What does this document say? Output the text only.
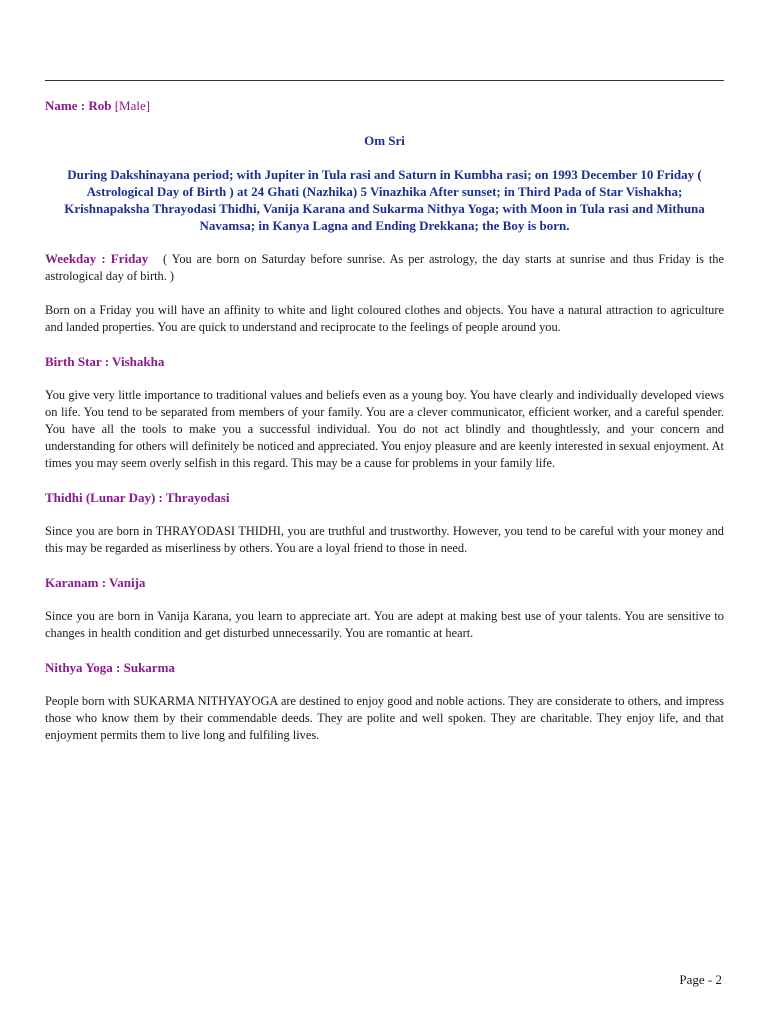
Name : Rob [Male]
Om Sri
During Dakshinayana period; with Jupiter in Tula rasi and Saturn in Kumbha rasi; on 1993 December 10 Friday ( Astrological Day of Birth ) at 24 Ghati (Nazhika) 5 Vinazhika After sunset; in Third Pada of Star Vishakha; Krishnapaksha Thrayodasi Thidhi, Vanija Karana and Sukarma Nithya Yoga; with Moon in Tula rasi and Mithuna Navamsa; in Kanya Lagna and Ending Drekkana; the Boy is born.

Weekday : Friday ( You are born on Saturday before sunrise. As per astrology, the day starts at sunrise and thus Friday is the astrological day of birth. )

Born on a Friday you will have an affinity to white and light coloured clothes and objects. You have a natural attraction to agriculture and landed properties. You are quick to understand and reciprocate to the feelings of people around you.

Birth Star : Vishakha

You give very little importance to traditional values and beliefs even as a young boy. You have clearly and individually developed views on life. You tend to be separated from members of your family. You are a clever communicator, efficient worker, and a careful spender. You have all the tools to make you a successful individual. You do not act blindly and thoughtlessly, and your concern and understanding for others will definitely be noticed and appreciated. You enjoy pleasure and are keenly interested in sexual enjoyment. At times you may seem overly selfish in this regard. This may be a cause for problems in your family life.

Thidhi (Lunar Day) : Thrayodasi

Since you are born in THRAYODASI THIDHI, you are truthful and trustworthy. However, you tend to be careful with your money and this may be regarded as miserliness by others. You are a loyal friend to those in need.

Karanam : Vanija

Since you are born in Vanija Karana, you learn to appreciate art. You are adept at making best use of your talents. You are sensitive to changes in health condition and get disturbed unnecessarily. You are romantic at heart.

Nithya Yoga : Sukarma

People born with SUKARMA NITHYAYOGA are destined to enjoy good and noble actions. They are considerate to others, and impress those who know them by their commendable deeds. They are polite and well spoken. They are charitable. They enjoy life, and that enjoyment permits them to live long and fulfiling lives.

Page - 2
